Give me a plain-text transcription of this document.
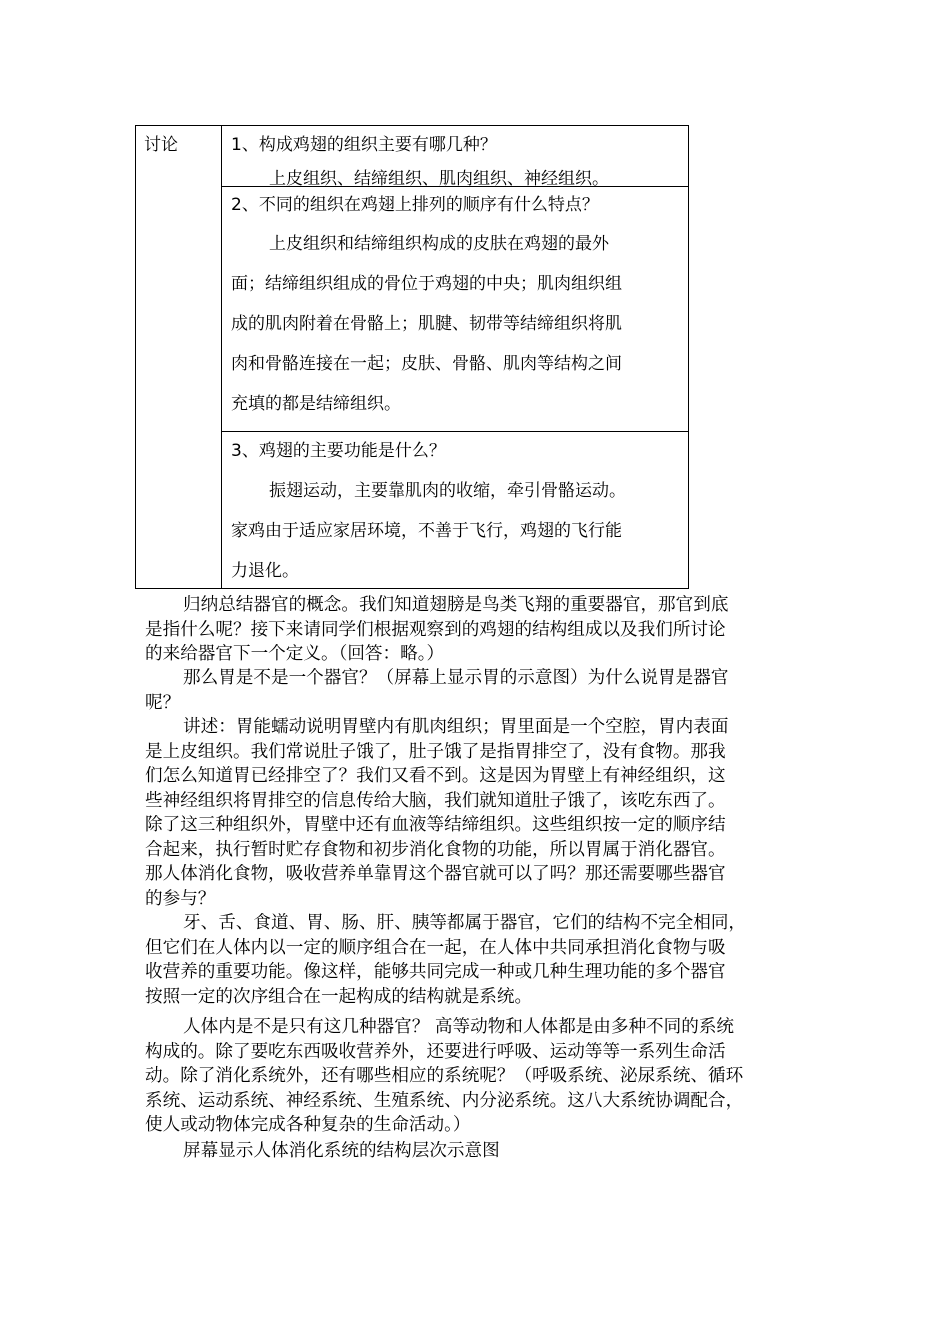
讨论	1、构成鸡翅的组织主要有哪几种？
上皮组织、结缔组织、肌肉组织、神经组织。
2、不同的组织在鸡翅上排列的顺序有什么特点？
上皮组织和结缔组织构成的皮肤在鸡翅的最外
面；结缔组织组成的骨位于鸡翅的中央；肌肉组织组
成的肌肉附着在骨骼上；肌腱、韧带等结缔组织将肌
肉和骨骼连接在一起；皮肤、骨骼、肌肉等结构之间
充填的都是结缔组织。
3、鸡翅的主要功能是什么？
振翅运动，主要靠肌肉的收缩，牵引骨骼运动。
家鸡由于适应家居环境，不善于飞行，鸡翅的飞行能
力退化。
归纳总结器官的概念。我们知道翅膀是鸟类飞翔的重要器官，那官到底
是指什么呢？接下来请同学们根据观察到的鸡翅的结构组成以及我们所讨论
的来给器官下一个定义。（回答：略。）
那么胃是不是一个器官？（屏幕上显示胃的示意图）为什么说胃是器官
呢？
讲述：胃能蠕动说明胃壁内有肌肉组织；胃里面是一个空腔，胃内表面
是上皮组织。我们常说肚子饿了，肚子饿了是指胃排空了，没有食物。那我
们怎么知道胃已经排空了？我们又看不到。这是因为胃壁上有神经组织，这
些神经组织将胃排空的信息传给大脑，我们就知道肚子饿了，该吃东西了。
除了这三种组织外，胃壁中还有血液等结缔组织。这些组织按一定的顺序结
合起来，执行暂时贮存食物和初步消化食物的功能，所以胃属于消化器官。
那人体消化食物，吸收营养单靠胃这个器官就可以了吗？那还需要哪些器官
的参与？
牙、舌、食道、胃、肠、肝、胰等都属于器官，它们的结构不完全相同，
但它们在人体内以一定的顺序组合在一起，在人体中共同承担消化食物与吸
收营养的重要功能。像这样，能够共同完成一种或几种生理功能的多个器官
按照一定的次序组合在一起构成的结构就是系统。
人体内是不是只有这几种器官？ 高等动物和人体都是由多种不同的系统
构成的。除了要吃东西吸收营养外，还要进行呼吸、运动等等一系列生命活
动。除了消化系统外，还有哪些相应的系统呢？（呼吸系统、泌尿系统、循环
系统、运动系统、神经系统、生殖系统、内分泌系统。这八大系统协调配合，
使人或动物体完成各种复杂的生命活动。）
屏幕显示人体消化系统的结构层次示意图
